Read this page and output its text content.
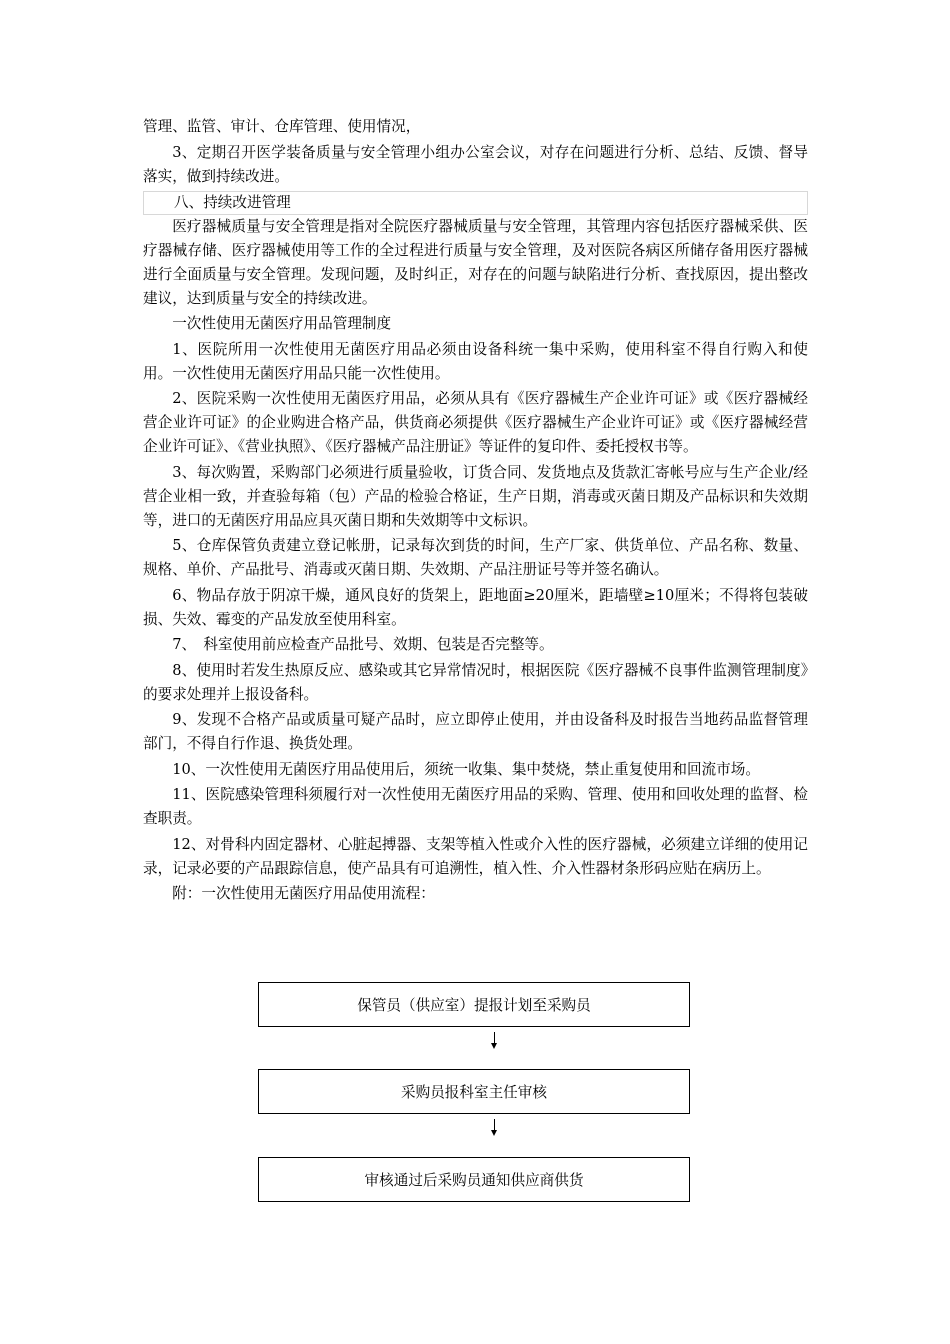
管理、监管、审计、仓库管理、使用情况，

3、定期召开医学装备质量与安全管理小组办公室会议，对存在问题进行分析、总结、反馈、督导落实，做到持续改进。

八、持续改进管理

医疗器械质量与安全管理是指对全院医疗器械质量与安全管理，其管理内容包括医疗器械采供、医疗器械存储、医疗器械使用等工作的全过程进行质量与安全管理，及对医院各病区所储存备用医疗器械进行全面质量与安全管理。发现问题，及时纠正，对存在的问题与缺陷进行分析、查找原因，提出整改建议，达到质量与安全的持续改进。

一次性使用无菌医疗用品管理制度

1、医院所用一次性使用无菌医疗用品必须由设备科统一集中采购，使用科室不得自行购入和使用。一次性使用无菌医疗用品只能一次性使用。

2、医院采购一次性使用无菌医疗用品，必须从具有《医疗器械生产企业许可证》或《医疗器械经营企业许可证》的企业购进合格产品，供货商必须提供《医疗器械生产企业许可证》或《医疗器械经营企业许可证》、《营业执照》、《医疗器械产品注册证》等证件的复印件、委托授权书等。

3、每次购置，采购部门必须进行质量验收，订货合同、发货地点及货款汇寄帐号应与生产企业/经营企业相一致，并查验每箱（包）产品的检验合格证，生产日期，消毒或灭菌日期及产品标识和失效期等，进口的无菌医疗用品应具灭菌日期和失效期等中文标识。

5、仓库保管负责建立登记帐册，记录每次到货的时间，生产厂家、供货单位、产品名称、数量、规格、单价、产品批号、消毒或灭菌日期、失效期、产品注册证号等并签名确认。

6、物品存放于阴凉干燥，通风良好的货架上，距地面≥20厘米，距墙壁≥10厘米；不得将包装破损、失效、霉变的产品发放至使用科室。

7、　科室使用前应检查产品批号、效期、包装是否完整等。

8、使用时若发生热原反应、感染或其它异常情况时，根据医院《医疗器械不良事件监测管理制度》的要求处理并上报设备科。

9、发现不合格产品或质量可疑产品时，应立即停止使用，并由设备科及时报告当地药品监督管理部门，不得自行作退、换货处理。

10、一次性使用无菌医疗用品使用后，须统一收集、集中焚烧，禁止重复使用和回流市场。

11、医院感染管理科须履行对一次性使用无菌医疗用品的采购、管理、使用和回收处理的监督、检查职责。

12、对骨科内固定器材、心脏起搏器、支架等植入性或介入性的医疗器械，必须建立详细的使用记录，记录必要的产品跟踪信息，使产品具有可追溯性，植入性、介入性器材条形码应贴在病历上。

附：一次性使用无菌医疗用品使用流程：

保管员（供应室）提报计划至采购员
采购员报科室主任审核
审核通过后采购员通知供应商供货
